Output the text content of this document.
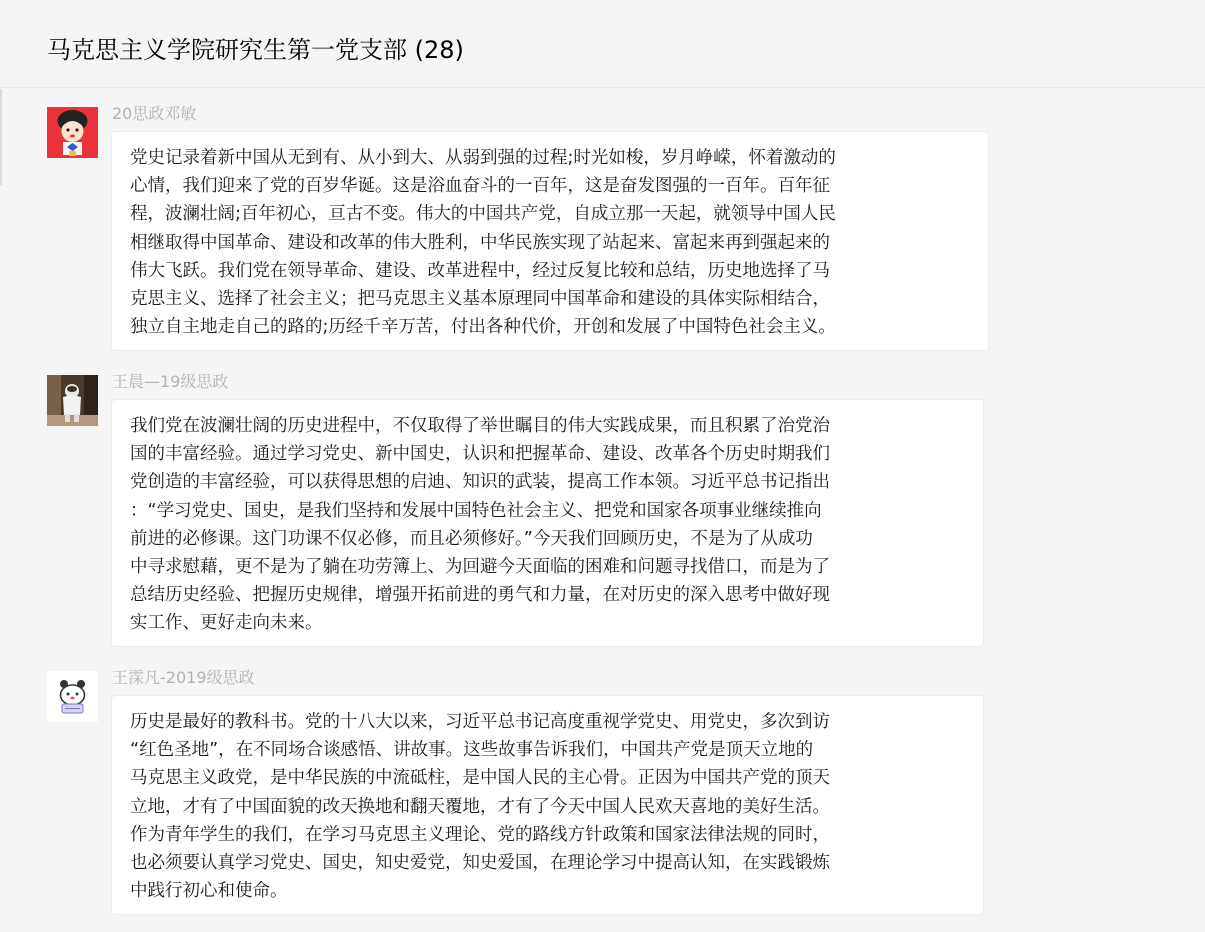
马克思主义学院研究生第一党支部 (28)
20思政邓敏
党史记录着新中国从无到有、从小到大、从弱到强的过程;时光如梭，岁月峥嵘，怀着激动的
心情，我们迎来了党的百岁华诞。这是浴血奋斗的一百年，这是奋发图强的一百年。百年征
程，波澜壮阔;百年初心，亘古不变。伟大的中国共产党，自成立那一天起，就领导中国人民
相继取得中国革命、建设和改革的伟大胜利，中华民族实现了站起来、富起来再到强起来的
伟大飞跃。我们党在领导革命、建设、改革进程中，经过反复比较和总结，历史地选择了马
克思主义、选择了社会主义；把马克思主义基本原理同中国革命和建设的具体实际相结合，
独立自主地走自己的路的;历经千辛万苦，付出各种代价，开创和发展了中国特色社会主义。
王晨—19级思政
我们党在波澜壮阔的历史进程中，不仅取得了举世瞩目的伟大实践成果，而且积累了治党治
国的丰富经验。通过学习党史、新中国史，认识和把握革命、建设、改革各个历史时期我们
党创造的丰富经验，可以获得思想的启迪、知识的武装，提高工作本领。习近平总书记指出
：“学习党史、国史，是我们坚持和发展中国特色社会主义、把党和国家各项事业继续推向
前进的必修课。这门功课不仅必修，而且必须修好。”今天我们回顾历史，不是为了从成功
中寻求慰藉，更不是为了躺在功劳簿上、为回避今天面临的困难和问题寻找借口，而是为了
总结历史经验、把握历史规律，增强开拓前进的勇气和力量，在对历史的深入思考中做好现
实工作、更好走向未来。
王霂凡-2019级思政
历史是最好的教科书。党的十八大以来，习近平总书记高度重视学党史、用党史，多次到访
“红色圣地”，在不同场合谈感悟、讲故事。这些故事告诉我们，中国共产党是顶天立地的
马克思主义政党，是中华民族的中流砥柱，是中国人民的主心骨。正因为中国共产党的顶天
立地，才有了中国面貌的改天换地和翻天覆地，才有了今天中国人民欢天喜地的美好生活。
作为青年学生的我们，在学习马克思主义理论、党的路线方针政策和国家法律法规的同时，
也必须要认真学习党史、国史，知史爱党，知史爱国，在理论学习中提高认知，在实践锻炼
中践行初心和使命。
